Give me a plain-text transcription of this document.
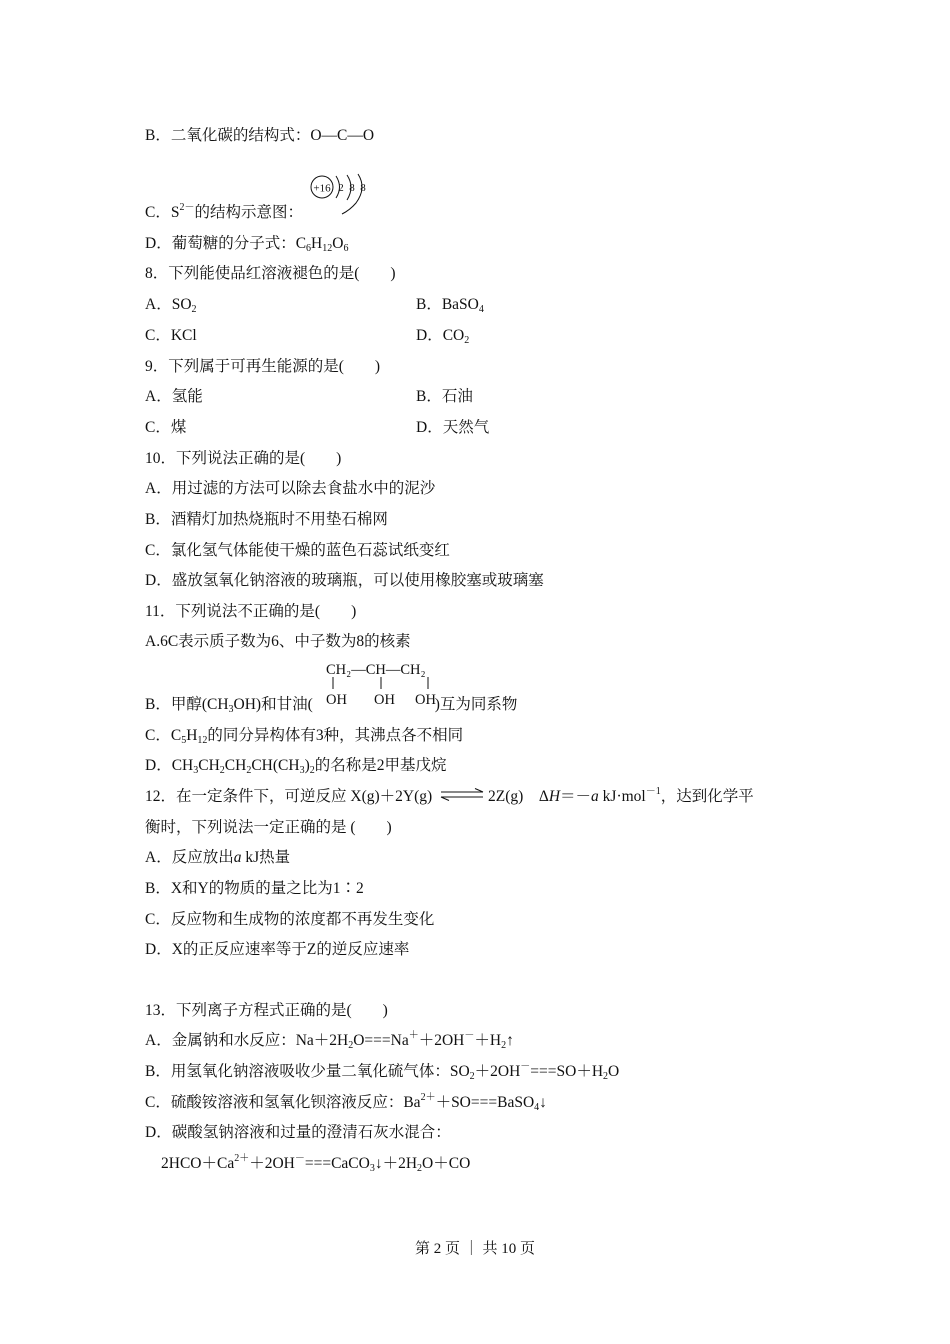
B．二氧化碳的结构式：O—C—O
+16 2 8 8
C．$S^{2-}$的结构示意图：
D．葡萄糖的分子式：$C_6H_{12}O_6$
8．下列能使品红溶液褪色的是(　　)
A．$SO_2$	B．BaSO$_4$
C．KCl	D．$CO_2$
9．下列属于可再生能源的是(　　)
A．氢能	B．石油
C．煤	D．天然气
10．下列说法正确的是(　　)
A．用过滤的方法可以除去食盐水中的泥沙
B．酒精灯加热烧瓶时不用垫石棉网
C．氯化氢气体能使干燥的蓝色石蕊试纸变红
D．盛放氢氧化钠溶液的玻璃瓶，可以使用橡胶塞或玻璃塞
11．下列说法不正确的是(　　)
A.6C表示质子数为6、中子数为8的核素
CH₂—CH—CH₂
OH OH OH
B．甲醇$(CH_3OH)$和甘油(	)互为同系物
C．$C_5H_{12}$的同分异构体有3种，其沸点各不相同
D．$CH_3CH_2CH_2CH(CH_3)_2$的名称是2甲基戊烷
12．在一定条件下，可逆反应 X(g)＋2Y(g) ⇌2Z(g)　ΔH＝－a kJ·mol$^{-1}$，达到化学平
衡时，下列说法一定正确的是 (　　)
A．反应放出a kJ热量
B．X和Y的物质的量之比为1∶2
C．反应物和生成物的浓度都不再发生变化
D．X的正反应速率等于Z的逆反应速率
13．下列离子方程式正确的是(　　)
A．金属钠和水反应：$Na+2H_2O===Na^++2OH^-+H_2↑$
B．用氢氧化钠溶液吸收少量二氧化硫气体：$SO_2+2OH^-===SO+H_2O$
C．硫酸铵溶液和氢氧化钡溶液反应：$Ba^{2+}+SO===BaSO_4↓$
D．碳酸氢钠溶液和过量的澄清石灰水混合：
$2HCO+Ca^{2+}+2OH^-===CaCO_3↓+2H_2O+CO$
第 2 页 ｜ 共 10 页
